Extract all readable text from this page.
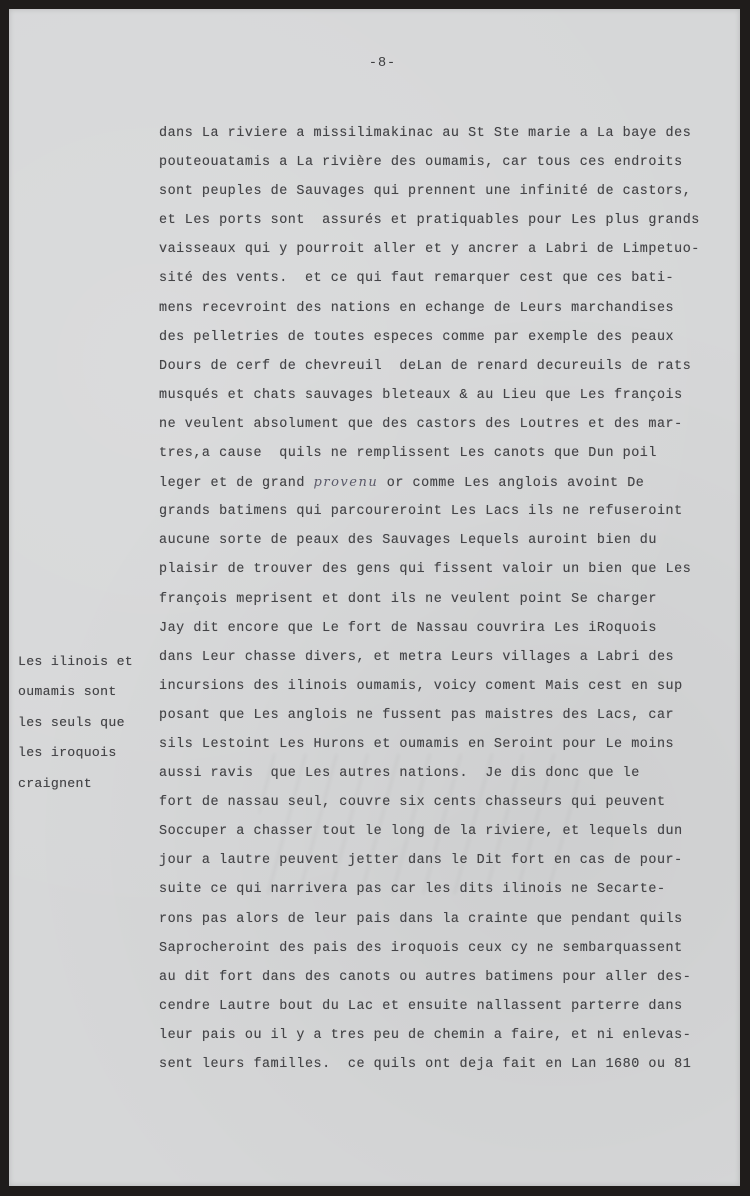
-8-
dans La riviere a missilimakinac au St Ste marie a La baye des
pouteouatamis a La rivière des oumamis, car tous ces endroits
sont peuples de Sauvages qui prennent une infinité de castors,
et Les ports sont  assurés et pratiquables pour Les plus grands
vaisseaux qui y pourroit aller et y ancrer a Labri de Limpetuo-
sité des vents.  et ce qui faut remarquer cest que ces bati-
mens recevroint des nations en echange de Leurs marchandises
des pelletries de toutes especes comme par exemple des peaux
Dours de cerf de chevreuil  deLan de renard decureuils de rats
musqués et chats sauvages bleteaux & au Lieu que Les françois
ne veulent absolument que des castors des Loutres et des mar-
tres,a cause  quils ne remplissent Les canots que Dun poil
leger et de grand provenu or comme Les anglois avoint De
grands batimens qui parcoureroint Les Lacs ils ne refuseroint
aucune sorte de peaux des Sauvages Lequels auroint bien du
plaisir de trouver des gens qui fissent valoir un bien que Les
françois meprisent et dont ils ne veulent point Se charger
Jay dit encore que Le fort de Nassau couvrira Les iRoquois
dans Leur chasse divers, et metra Leurs villages a Labri des
incursions des ilinois oumamis, voicy coment Mais cest en sup
posant que Les anglois ne fussent pas maistres des Lacs, car
sils Lestoint Les Hurons et oumamis en Seroint pour Le moins
aussi ravis  que Les autres nations.  Je dis donc que le
fort de nassau seul, couvre six cents chasseurs qui peuvent
Soccuper a chasser tout le long de la riviere, et lequels dun
jour a lautre peuvent jetter dans le Dit fort en cas de pour-
suite ce qui narrivera pas car les dits ilinois ne Secarte-
rons pas alors de leur pais dans la crainte que pendant quils
Saprocheroint des pais des iroquois ceux cy ne sembarquassent
au dit fort dans des canots ou autres batimens pour aller des-
cendre Lautre bout du Lac et ensuite nallassent parterre dans
leur pais ou il y a tres peu de chemin a faire, et ni enlevas-
sent leurs familles.  ce quils ont deja fait en Lan 1680 ou 81
Les ilinois et
oumamis sont
les seuls que
les iroquois
craignent
